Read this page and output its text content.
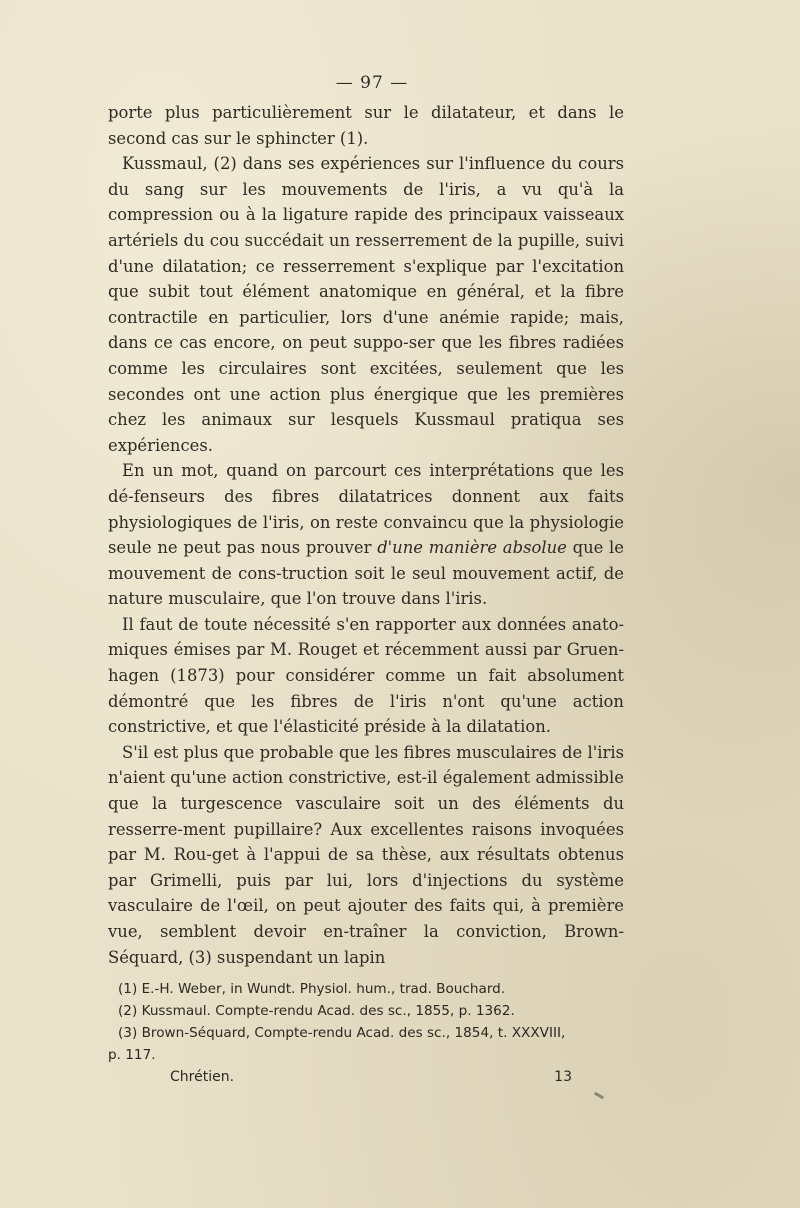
— 97 —

porte plus particulièrement sur le dilatateur, et dans le second cas sur le sphincter (1).

Kussmaul, (2) dans ses expériences sur l'influence du cours du sang sur les mouvements de l'iris, a vu qu'à la compression ou à la ligature rapide des principaux vaisseaux artériels du cou succédait un resserrement de la pupille, suivi d'une dilatation; ce resserrement s'explique par l'excitation que subit tout élément anatomique en général, et la fibre contractile en particulier, lors d'une anémie rapide; mais, dans ce cas encore, on peut suppo-ser que les fibres radiées comme les circulaires sont excitées, seulement que les secondes ont une action plus énergique que les premières chez les animaux sur lesquels Kussmaul pratiqua ses expériences.

En un mot, quand on parcourt ces interprétations que les dé-fenseurs des fibres dilatatrices donnent aux faits physiologiques de l'iris, on reste convaincu que la physiologie seule ne peut pas nous prouver d'une manière absolue que le mouvement de cons-truction soit le seul mouvement actif, de nature musculaire, que l'on trouve dans l'iris.

Il faut de toute nécessité s'en rapporter aux données anato-miques émises par M. Rouget et récemment aussi par Gruen-hagen (1873) pour considérer comme un fait absolument démontré que les fibres de l'iris n'ont qu'une action constrictive, et que l'élasticité préside à la dilatation.

S'il est plus que probable que les fibres musculaires de l'iris n'aient qu'une action constrictive, est-il également admissible que la turgescence vasculaire soit un des éléments du resserre-ment pupillaire? Aux excellentes raisons invoquées par M. Rou-get à l'appui de sa thèse, aux résultats obtenus par Grimelli, puis par lui, lors d'injections du système vasculaire de l'œil, on peut ajouter des faits qui, à première vue, semblent devoir en-traîner la conviction, Brown-Séquard, (3) suspendant un lapin

(1) E.-H. Weber, in Wundt. Physiol. hum., trad. Bouchard.

(2) Kussmaul. Compte-rendu Acad. des sc., 1855, p. 1362.

(3) Brown-Séquard, Compte-rendu Acad. des sc., 1854, t. XXXVIII,

p. 117.

Chrétien.	13
